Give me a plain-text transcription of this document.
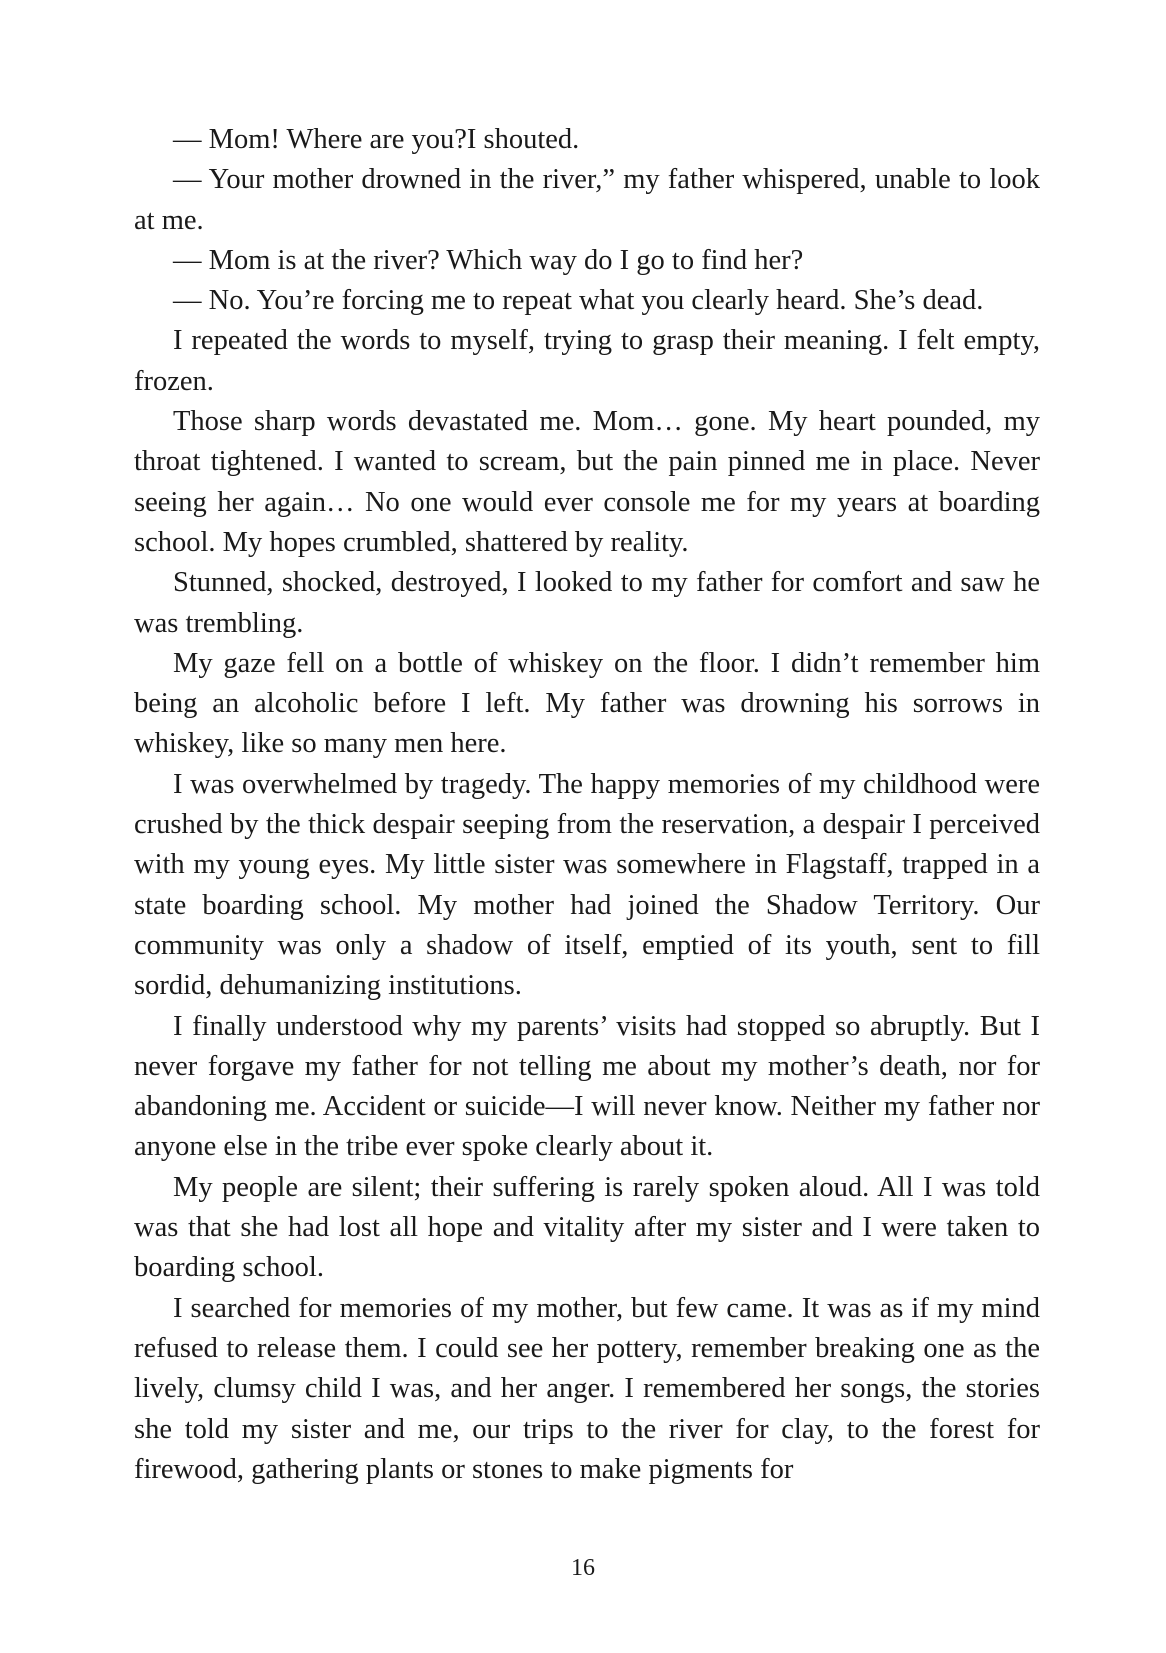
— Mom! Where are you?I shouted.

— Your mother drowned in the river,” my father whispered, unable to look at me.

— Mom is at the river? Which way do I go to find her?

— No. You’re forcing me to repeat what you clearly heard. She’s dead.

I repeated the words to myself, trying to grasp their meaning. I felt empty, frozen.

Those sharp words devastated me. Mom… gone. My heart pounded, my throat tightened. I wanted to scream, but the pain pinned me in place. Never seeing her again… No one would ever console me for my years at boarding school. My hopes crumbled, shattered by reality.

Stunned, shocked, destroyed, I looked to my father for comfort and saw he was trembling.

My gaze fell on a bottle of whiskey on the floor. I didn’t remember him being an alcoholic before I left. My father was drowning his sorrows in whiskey, like so many men here.

I was overwhelmed by tragedy. The happy memories of my childhood were crushed by the thick despair seeping from the reservation, a despair I perceived with my young eyes. My little sister was somewhere in Flagstaff, trapped in a state boarding school. My mother had joined the Shadow Territory. Our community was only a shadow of itself, emptied of its youth, sent to fill sordid, dehumanizing institutions.

I finally understood why my parents’ visits had stopped so abruptly. But I never forgave my father for not telling me about my mother’s death, nor for abandoning me. Accident or suicide—I will never know. Neither my father nor anyone else in the tribe ever spoke clearly about it.

My people are silent; their suffering is rarely spoken aloud. All I was told was that she had lost all hope and vitality after my sister and I were taken to boarding school.

I searched for memories of my mother, but few came. It was as if my mind refused to release them. I could see her pottery, remember breaking one as the lively, clumsy child I was, and her anger. I remembered her songs, the stories she told my sister and me, our trips to the river for clay, to the forest for firewood, gathering plants or stones to make pigments for

16
